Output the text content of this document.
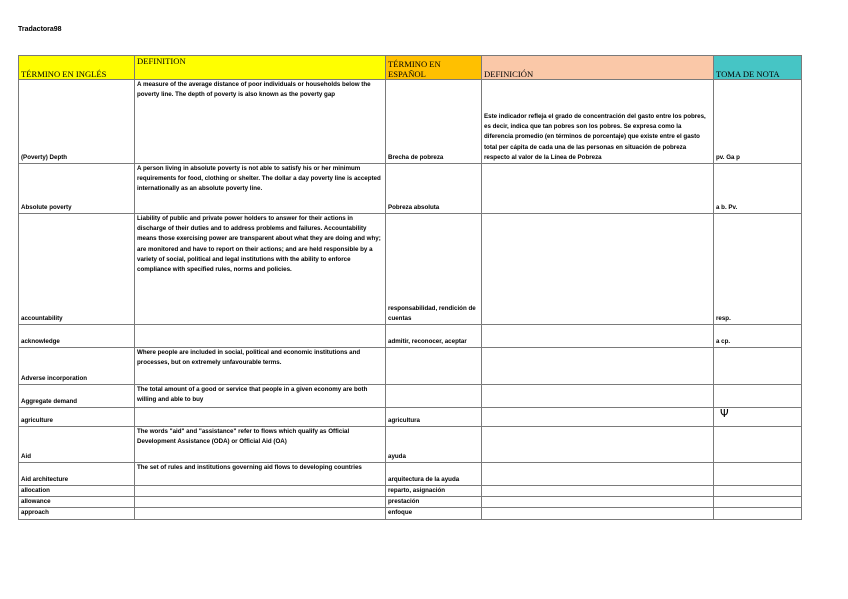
Tradactora98
TÉRMINO EN INGLÉS	DEFINITION	TÉRMINO EN ESPAÑOL	DEFINICIÓN	TOMA DE NOTA
(Poverty) Depth	A measure of the average distance of poor individuals or households below the poverty line. The depth of poverty is also known as the poverty gap	Brecha de pobreza	Este indicador refleja el grado de concentración del gasto entre los pobres, es decir, indica que tan pobres son los pobres. Se expresa como la diferencia promedio (en términos de porcentaje) que existe entre el gasto total per cápita de cada una de las personas en situación de pobreza respecto al valor de la Línea de Pobreza	pv. Ga p
Absolute poverty	A person living in absolute poverty is not able to satisfy his or her minimum requirements for food, clothing or shelter. The dollar a day poverty line is accepted internationally as an absolute poverty line.	Pobreza absoluta		a b. Pv.
accountability	Liability of public and private power holders to answer for their actions in discharge of their duties and to address problems and failures. Accountability means those exercising power are transparent about what they are doing and why; are monitored and have to report on their actions; and are held responsible by a variety of social, political and legal institutions with the ability to enforce compliance with specified rules, norms and policies.	responsabilidad, rendición de cuentas		resp.
acknowledge		admitir, reconocer, aceptar		a cp.
Adverse incorporation	Where people are included in social, political and economic institutions and processes, but on extremely unfavourable terms.			
Aggregate demand	The total amount of a good or service that people in a given economy are both willing and able to buy			
agriculture		agricultura		Ψ
Aid	The words "aid" and "assistance" refer to flows which qualify as Official Development Assistance (ODA) or Official Aid (OA)	ayuda		
Aid architecture	The set of rules and institutions governing aid flows to developing countries	arquitectura de la ayuda		
allocation		reparto, asignación		
allowance		prestación		
approach		enfoque		
